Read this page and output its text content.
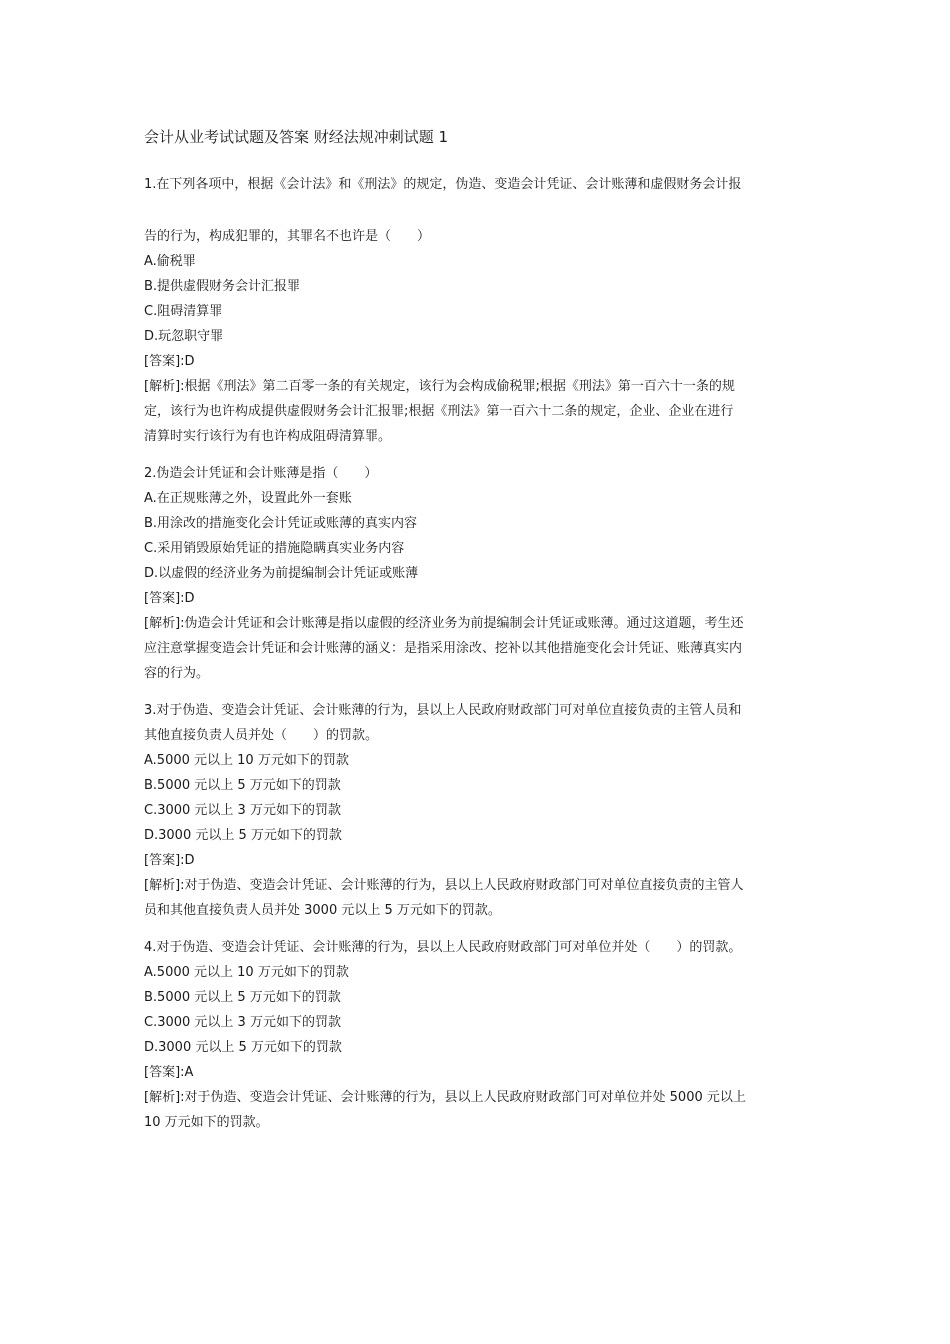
会计从业考试试题及答案 财经法规冲刺试题 1

1.在下列各项中，根据《会计法》和《刑法》的规定，伪造、变造会计凭证、会计账薄和虚假财务会计报

告的行为，构成犯罪的，其罪名不也许是（　　）

A.偷税罪

B.提供虚假财务会计汇报罪

C.阻碍清算罪

D.玩忽职守罪

[答案]:D

[解析]:根据《刑法》第二百零一条的有关规定，该行为会构成偷税罪;根据《刑法》第一百六十一条的规

定，该行为也许构成提供虚假财务会计汇报罪;根据《刑法》第一百六十二条的规定，企业、企业在进行

清算时实行该行为有也许构成阻碍清算罪。

2.伪造会计凭证和会计账薄是指（　　）

A.在正规账薄之外，设置此外一套账

B.用涂改的措施变化会计凭证或账薄的真实内容

C.采用销毁原始凭证的措施隐瞒真实业务内容

D.以虚假的经济业务为前提编制会计凭证或账薄

[答案]:D

[解析]:伪造会计凭证和会计账薄是指以虚假的经济业务为前提编制会计凭证或账薄。通过这道题，考生还

应注意掌握变造会计凭证和会计账薄的涵义：是指采用涂改、挖补以其他措施变化会计凭证、账薄真实内

容的行为。

3.对于伪造、变造会计凭证、会计账薄的行为，县以上人民政府财政部门可对单位直接负责的主管人员和

其他直接负责人员并处（　　）的罚款。

A.5000 元以上 10 万元如下的罚款

B.5000 元以上 5 万元如下的罚款

C.3000 元以上 3 万元如下的罚款

D.3000 元以上 5 万元如下的罚款

[答案]:D

[解析]:对于伪造、变造会计凭证、会计账薄的行为，县以上人民政府财政部门可对单位直接负责的主管人

员和其他直接负责人员并处 3000 元以上 5 万元如下的罚款。

4.对于伪造、变造会计凭证、会计账薄的行为，县以上人民政府财政部门可对单位并处（　　）的罚款。

A.5000 元以上 10 万元如下的罚款

B.5000 元以上 5 万元如下的罚款

C.3000 元以上 3 万元如下的罚款

D.3000 元以上 5 万元如下的罚款

[答案]:A

[解析]:对于伪造、变造会计凭证、会计账薄的行为，县以上人民政府财政部门可对单位并处 5000 元以上

10 万元如下的罚款。
